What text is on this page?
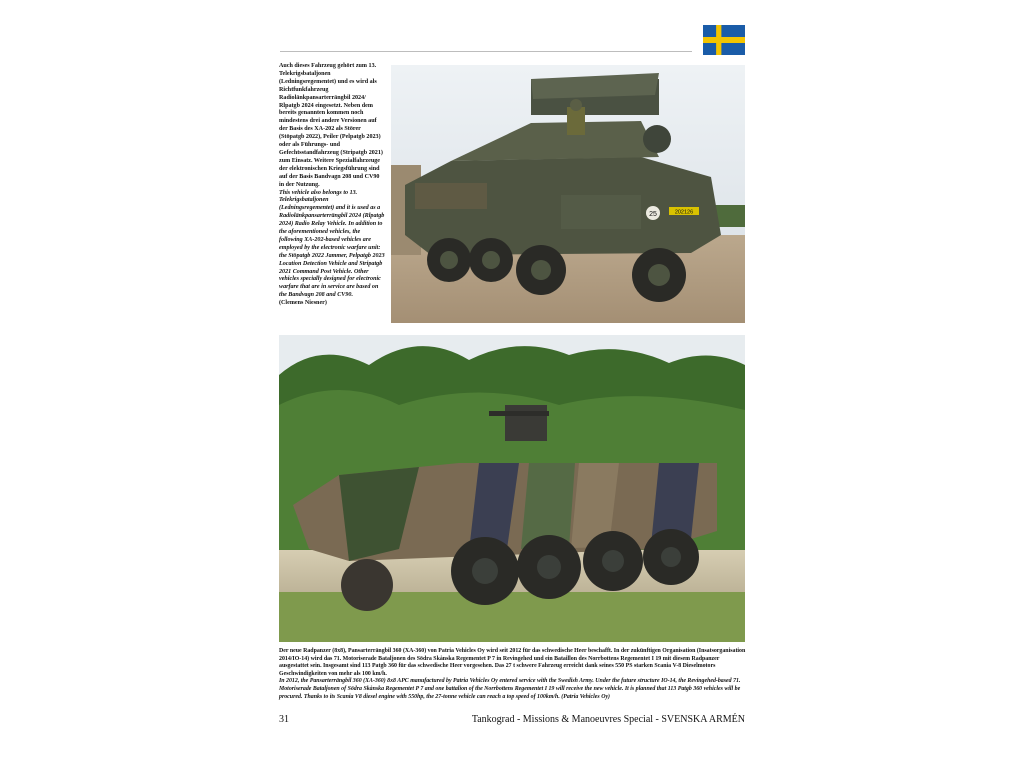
Auch dieses Fahrzeug gehört zum 13. Telekrigsbataljonen (Ledningsregementet) und es wird als Richtfunkfahrzeug Radiolänkpansarterrängbil 2024/ Rlpatgb 2024 eingesetzt. Neben dem bereits genannten kommen noch mindestens drei andere Versionen auf der Basis des XA-202 als Störer (Stöpatgb 2022), Peiler (Pelpatgb 2023) oder als Führungs- und Gefechtsstandfahrzeug (Stripatgb 2021) zum Einsatz. Weitere Spezialfahrzeuge der elektronischen Kriegsführung sind auf der Basis Bandvagn 208 und CV90 in der Nutzung.

This vehicle also belongs to 13. Telekrigsbataljonen (Ledningsregementet) and it is used as a Radiolänkpansarterrängbil 2024 (Rlpatgb 2024) Radio Relay Vehicle. In addition to the aforementioned vehicles, the following XA-202-based vehicles are employed by the electronic warfare unit: the Stöpatgb 2022 Jammer, Pelpatgb 2023 Location Detection Vehicle and Stripatgb 2021 Command Post Vehicle. Other vehicles specially designed for electronic warfare that are in service are based on the Bandvagn 208 and CV90.

(Clemens Niesner)

25	202126

Der neue Radpanzer (8x8), Pansarterrängbil 360 (XA-360) von Patria Vehicles Oy wird seit 2012 für das schwedische Heer beschafft. In der zukünftigen Organisation (Insatsorganisation 2014/IO-14) wird das 71. Motoriserade Bataljonen des Södra Skånska Regementet P 7 in Revingehed und ein Bataillon des Norrbottens Regementet I 19 mit diesem Radpanzer ausgestattet sein. Insgesamt sind 113 Patgb 360 für das schwedische Heer vorgesehen. Das 27 t schwere Fahrzeug erreicht dank seines 550 PS starken Scania V-8 Dieselmotors Geschwindigkeiten von mehr als 100 km/h.

In 2012, the Pansarterrängbil 360 (XA-360) 8x8 APC manufactured by Patria Vehicles Oy entered service with the Swedish Army. Under the future structure IO-14, the Revingehed-based 71. Motoriserade Bataljonen of Södra Skånska Regementet P 7 and one battalion of the Norrbottens Regementet I 19 will receive the new vehicle. It is planned that 113 Patgb 360 vehicles will be procured. Thanks to its Scania V8 diesel engine with 550hp, the 27-tonne vehicle can reach a top speed of 100km/h. (Patria Vehicles Oy)

31	Tankograd - Missions & Manoeuvres Special - SVENSKA ARMÉN
